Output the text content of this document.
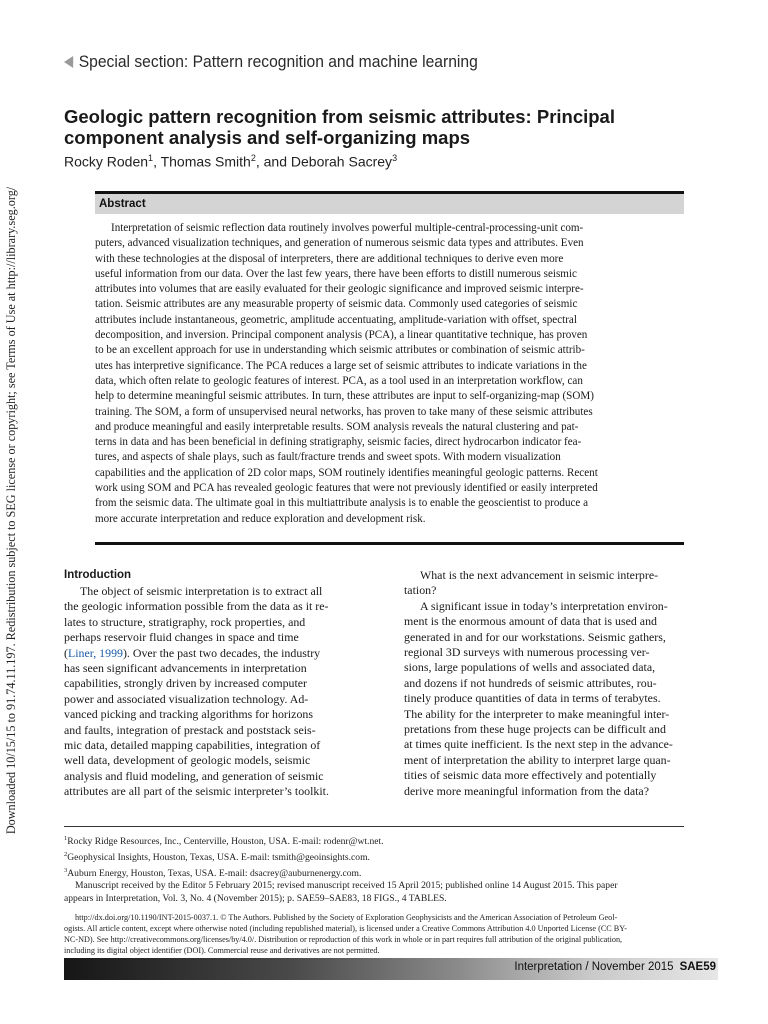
Downloaded 10/15/15 to 91.74.11.197. Redistribution subject to SEG license or copyright; see Terms of Use at http://library.seg.org/
Special section: Pattern recognition and machine learning
Geologic pattern recognition from seismic attributes: Principal
component analysis and self-organizing maps
Rocky Roden$^1$, Thomas Smith$^2$, and Deborah Sacrey$^3$
Abstract
Interpretation of seismic reflection data routinely involves powerful multiple-central-processing-unit com-
puters, advanced visualization techniques, and generation of numerous seismic data types and attributes. Even
with these technologies at the disposal of interpreters, there are additional techniques to derive even more
useful information from our data. Over the last few years, there have been efforts to distill numerous seismic
attributes into volumes that are easily evaluated for their geologic significance and improved seismic interpre-
tation. Seismic attributes are any measurable property of seismic data. Commonly used categories of seismic
attributes include instantaneous, geometric, amplitude accentuating, amplitude-variation with offset, spectral
decomposition, and inversion. Principal component analysis (PCA), a linear quantitative technique, has proven
to be an excellent approach for use in understanding which seismic attributes or combination of seismic attrib-
utes has interpretive significance. The PCA reduces a large set of seismic attributes to indicate variations in the
data, which often relate to geologic features of interest. PCA, as a tool used in an interpretation workflow, can
help to determine meaningful seismic attributes. In turn, these attributes are input to self-organizing-map (SOM)
training. The SOM, a form of unsupervised neural networks, has proven to take many of these seismic attributes
and produce meaningful and easily interpretable results. SOM analysis reveals the natural clustering and pat-
terns in data and has been beneficial in defining stratigraphy, seismic facies, direct hydrocarbon indicator fea-
tures, and aspects of shale plays, such as fault/fracture trends and sweet spots. With modern visualization
capabilities and the application of 2D color maps, SOM routinely identifies meaningful geologic patterns. Recent
work using SOM and PCA has revealed geologic features that were not previously identified or easily interpreted
from the seismic data. The ultimate goal in this multiattribute analysis is to enable the geoscientist to produce a
more accurate interpretation and reduce exploration and development risk.
Introduction
The object of seismic interpretation is to extract all
the geologic information possible from the data as it re-
lates to structure, stratigraphy, rock properties, and
perhaps reservoir fluid changes in space and time
(Liner, 1999). Over the past two decades, the industry
has seen significant advancements in interpretation
capabilities, strongly driven by increased computer
power and associated visualization technology. Ad-
vanced picking and tracking algorithms for horizons
and faults, integration of prestack and poststack seis-
mic data, detailed mapping capabilities, integration of
well data, development of geologic models, seismic
analysis and fluid modeling, and generation of seismic
attributes are all part of the seismic interpreter’s toolkit.
What is the next advancement in seismic interpre-
tation?
A significant issue in today’s interpretation environ-
ment is the enormous amount of data that is used and
generated in and for our workstations. Seismic gathers,
regional 3D surveys with numerous processing ver-
sions, large populations of wells and associated data,
and dozens if not hundreds of seismic attributes, rou-
tinely produce quantities of data in terms of terabytes.
The ability for the interpreter to make meaningful inter-
pretations from these huge projects can be difficult and
at times quite inefficient. Is the next step in the advance-
ment of interpretation the ability to interpret large quan-
tities of seismic data more effectively and potentially
derive more meaningful information from the data?
$^1$Rocky Ridge Resources, Inc., Centerville, Houston, USA. E-mail: rodenr@wt.net.
$^2$Geophysical Insights, Houston, Texas, USA. E-mail: tsmith@geoinsights.com.
$^3$Auburn Energy, Houston, Texas, USA. E-mail: dsacrey@auburnenergy.com.
Manuscript received by the Editor 5 February 2015; revised manuscript received 15 April 2015; published online 14 August 2015. This paper
appears in Interpretation, Vol. 3, No. 4 (November 2015); p. SAE59–SAE83, 18 FIGS., 4 TABLES.
http://dx.doi.org/10.1190/INT-2015-0037.1. © The Authors. Published by the Society of Exploration Geophysicists and the American Association of Petroleum Geol-
ogists. All article content, except where otherwise noted (including republished material), is licensed under a Creative Commons Attribution 4.0 Unported License (CC BY-
NC-ND). See http://creativecommons.org/licenses/by/4.0/. Distribution or reproduction of this work in whole or in part requires full attribution of the original publication,
including its digital object identifier (DOI). Commercial reuse and derivatives are not permitted.
Interpretation / November 2015 SAE59
